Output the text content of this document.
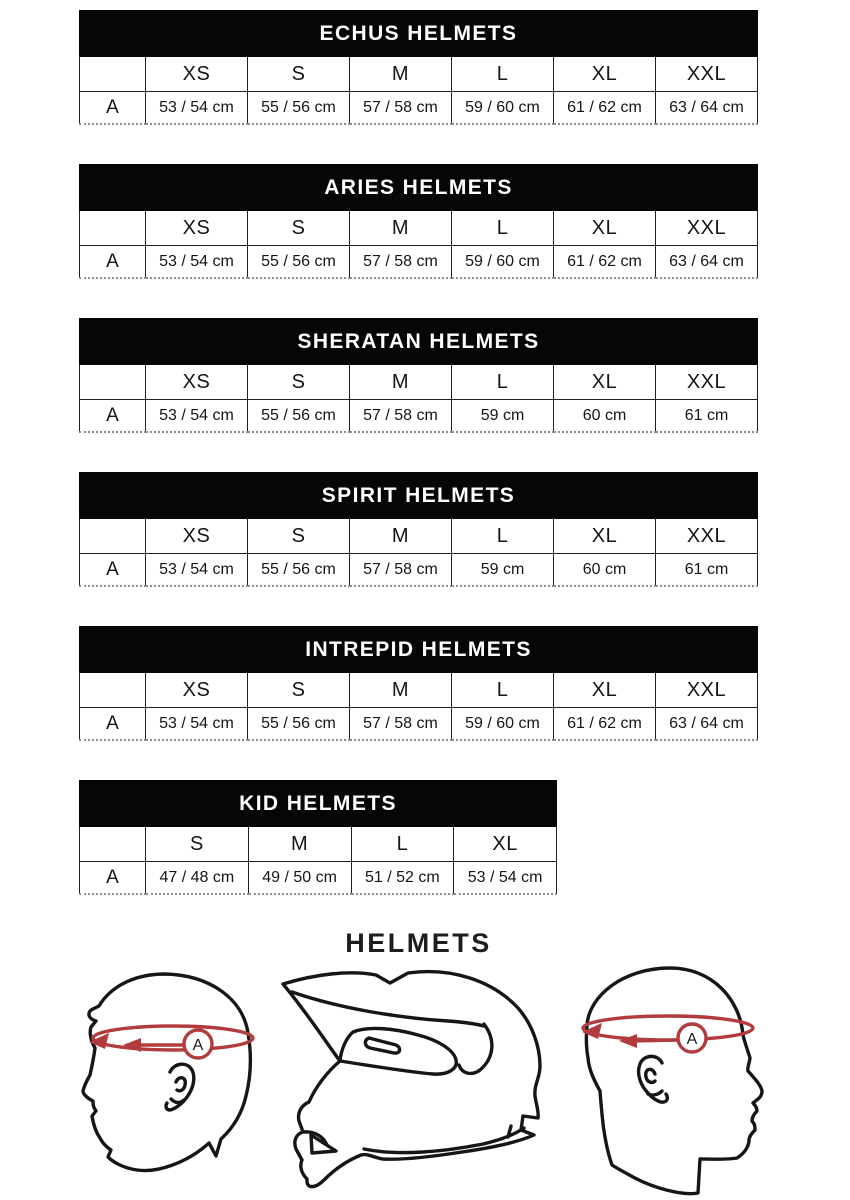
ECHUS HELMETS						
	XS	S	M	L	XL	XXL
A	53 / 54 cm	55 / 56 cm	57 / 58 cm	59 / 60 cm	61 / 62 cm	63 / 64 cm
ARIES HELMETS						
	XS	S	M	L	XL	XXL
A	53 / 54 cm	55 / 56 cm	57 / 58 cm	59 / 60 cm	61 / 62 cm	63 / 64 cm
SHERATAN HELMETS						
	XS	S	M	L	XL	XXL
A	53 / 54 cm	55 / 56 cm	57 / 58 cm	59 cm	60 cm	61 cm
SPIRIT HELMETS						
	XS	S	M	L	XL	XXL
A	53 / 54 cm	55 / 56 cm	57 / 58 cm	59 cm	60 cm	61 cm
INTREPID HELMETS						
	XS	S	M	L	XL	XXL
A	53 / 54 cm	55 / 56 cm	57 / 58 cm	59 / 60 cm	61 / 62 cm	63 / 64 cm
KID HELMETS				
	S	M	L	XL
A	47 / 48 cm	49 / 50 cm	51 / 52 cm	53 / 54 cm
HELMETS
A	A
